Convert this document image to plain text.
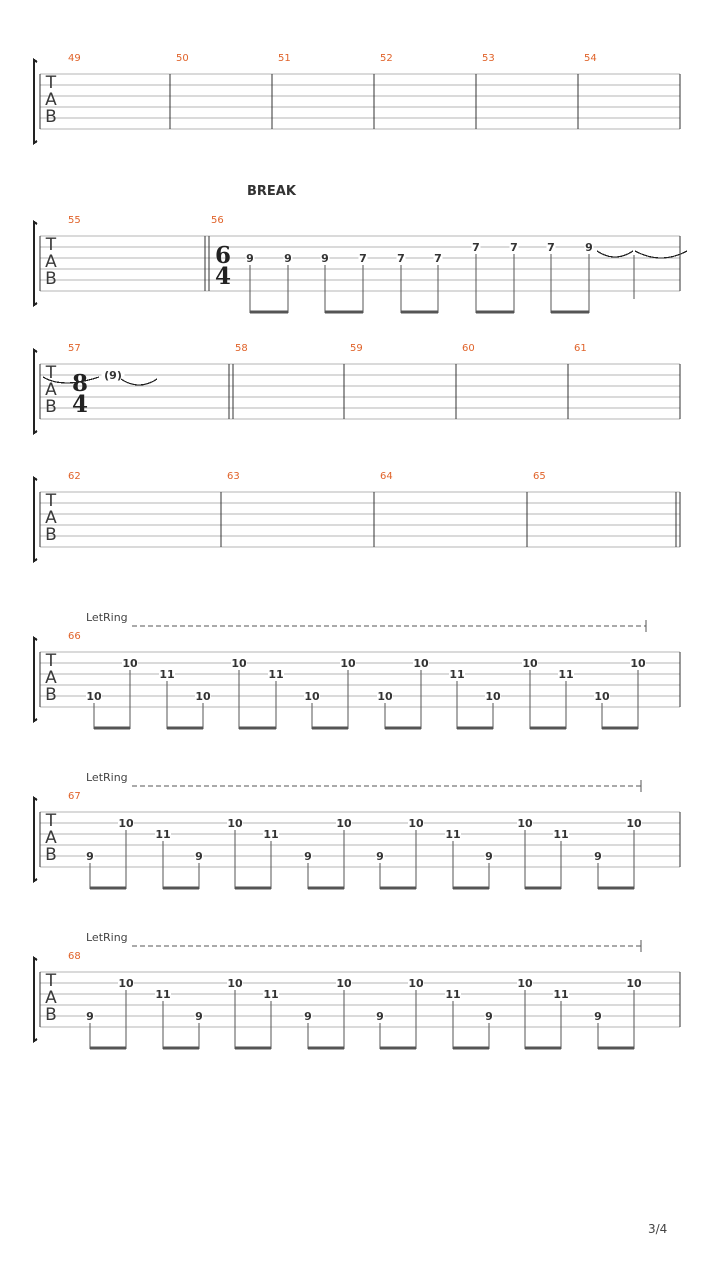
T
A
B
49	50	51	52	53	54
T
A
B
55	56
6
4
BREAK
9	9	9	7	7	7
7	7	7	9
T
A
B
57
8
4
58	59	60	61
(9)
T
A
B
62	63	64	65
T
A
B
66
LetRing
10
10
11
10
10
11
10
10
10
10
11
10
10
11
10
10
T
A
B
67
LetRing
9
10
11
9
10
11
9
10
9
10
11
9
10
11
9
10
T
A
B
68
LetRing
9
10
11
9
10
11
9
10
9
10
11
9
10
11
9
10
3/4
